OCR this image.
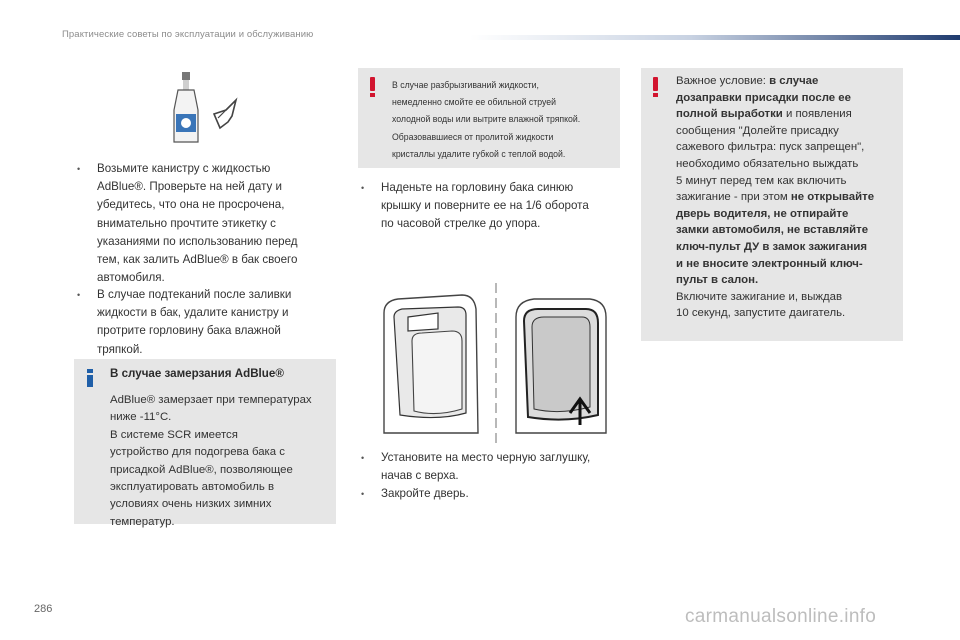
Практические советы по эксплуатации и обслуживанию
• Возьмите канистру с жидкостью
AdBlue®. Проверьте на ней дату и
убедитесь, что она не просрочена,
внимательно прочтите этикетку с
указаниями по использованию перед
тем, как залить AdBlue® в бак своего
автомобиля.
• В случае подтеканий после заливки
жидкости в бак, удалите канистру и
протрите горловину бака влажной
тряпкой.
В случае замерзания AdBlue®
AdBlue® замерзает при температурах
ниже -11°C.
В системе SCR имеется
устройство для подогрева бака с
присадкой AdBlue®, позволяющее
эксплуатировать автомобиль в
условиях очень низких зимних
температур.
В случае разбрызгиваний жидкости,
немедленно смойте ее обильной струей
холодной воды или вытрите влажной тряпкой.
Образовавшиеся от пролитой жидкости
кристаллы удалите губкой с теплой водой.
• Наденьте на горловину бака синюю
крышку и поверните ее на 1/6 оборота
по часовой стрелке до упора.
• Установите на место черную заглушку,
начав с верха.
• Закройте дверь.
Важное условие: в случае
дозаправки присадки после ее
полной выработки и появления
сообщения "Долейте присадку
сажевого фильтра: пуск запрещен",
необходимо обязательно выждать
5 минут перед тем как включить
зажигание - при этом не открывайте
дверь водителя, не отпирайте
замки автомобиля, не вставляйте
ключ-пульт ДУ в замок зажигания
и не вносите электронный ключ-
пульт в салон.
Включите зажигание и, выждав
10 секунд, запустите даигатель.
286	carmanualsonline.info
